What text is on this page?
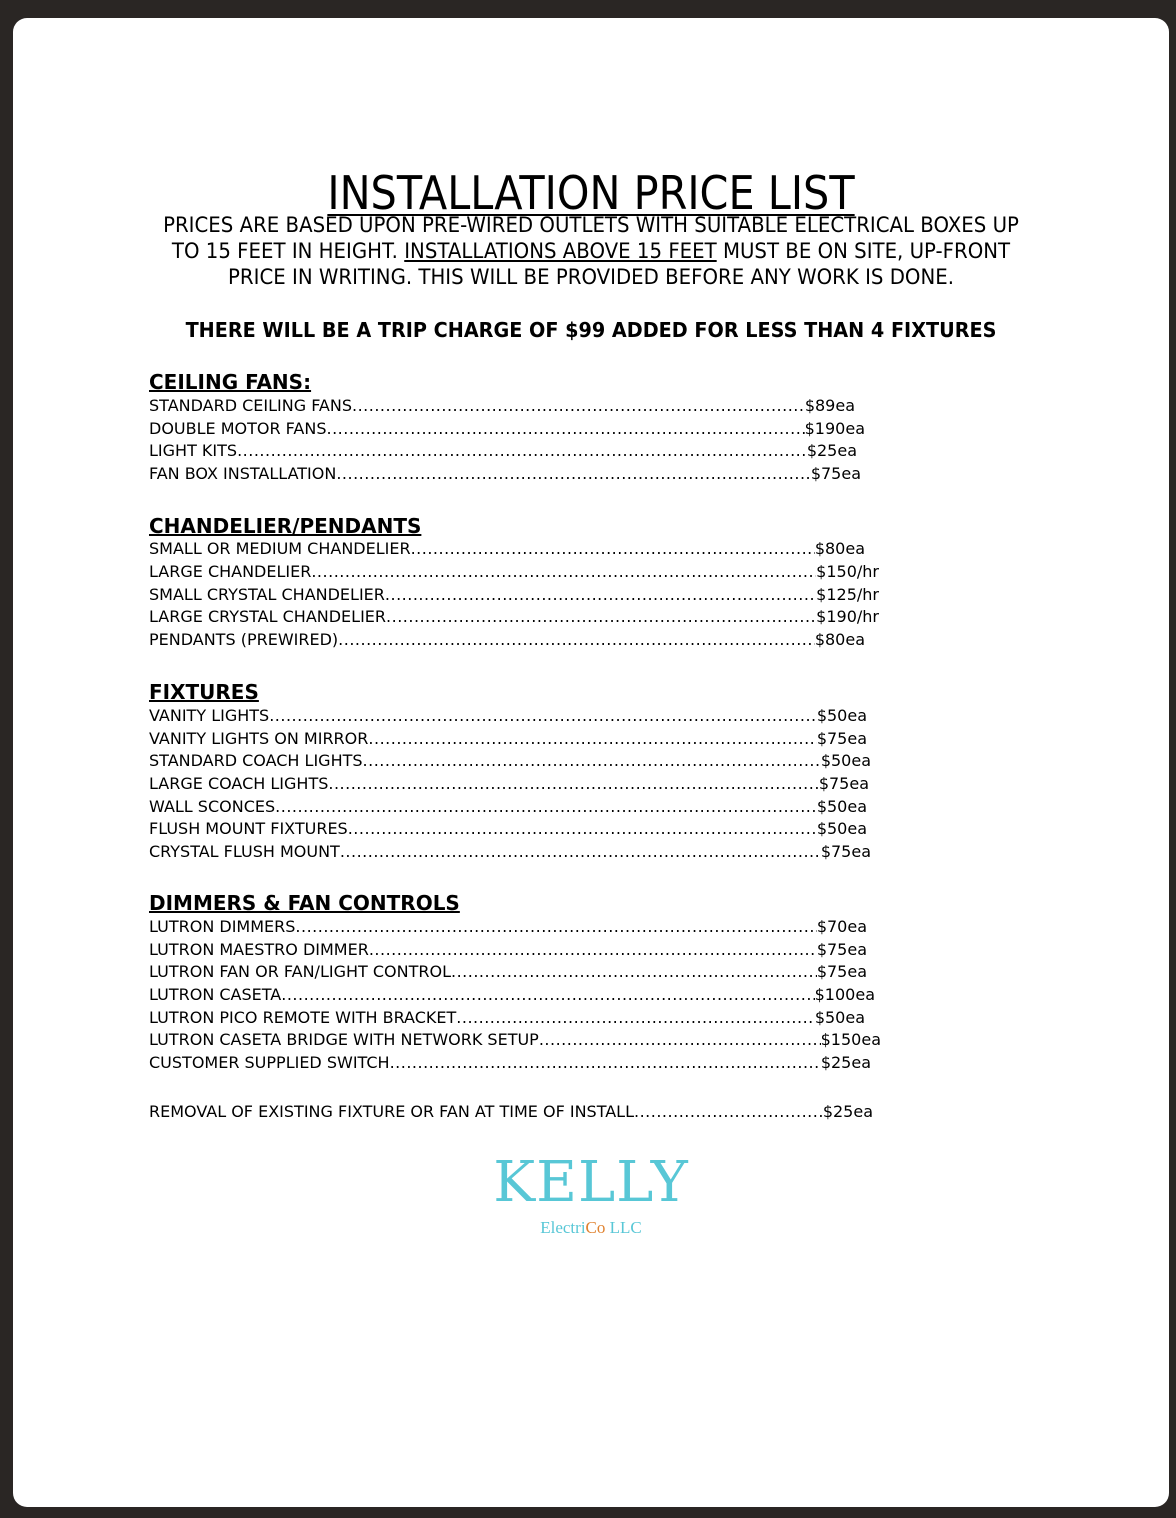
INSTALLATION PRICE LIST
PRICES ARE BASED UPON PRE-WIRED OUTLETS WITH SUITABLE ELECTRICAL BOXES UP TO 15 FEET IN HEIGHT. INSTALLATIONS ABOVE 15 FEET MUST BE ON SITE, UP-FRONT PRICE IN WRITING. THIS WILL BE PROVIDED BEFORE ANY WORK IS DONE.
THERE WILL BE A TRIP CHARGE OF $99 ADDED FOR LESS THAN 4 FIXTURES
CEILING FANS:
STANDARD CEILING FANS .....	$89ea
DOUBLE MOTOR FANS .....	$190ea
LIGHT KITS .....	$25ea
FAN BOX INSTALLATION .....	$75ea
CHANDELIER/PENDANTS
SMALL OR MEDIUM CHANDELIER .....	$80ea
LARGE CHANDELIER .....	$150/hr
SMALL CRYSTAL CHANDELIER .....	$125/hr
LARGE CRYSTAL CHANDELIER .....	$190/hr
PENDANTS (PREWIRED) .....	$80ea
FIXTURES
VANITY LIGHTS .....	$50ea
VANITY LIGHTS ON MIRROR .....	$75ea
STANDARD COACH LIGHTS .....	$50ea
LARGE COACH LIGHTS .....	$75ea
WALL SCONCES .....	$50ea
FLUSH MOUNT FIXTURES .....	$50ea
CRYSTAL FLUSH MOUNT .....	$75ea
DIMMERS & FAN CONTROLS
LUTRON DIMMERS .....	$70ea
LUTRON MAESTRO DIMMER .....	$75ea
LUTRON FAN OR FAN/LIGHT CONTROL .....	$75ea
LUTRON CASETA .....	$100ea
LUTRON PICO REMOTE WITH BRACKET .....	$50ea
LUTRON CASETA BRIDGE WITH NETWORK SETUP .....	$150ea
CUSTOMER SUPPLIED SWITCH .....	$25ea
REMOVAL OF EXISTING FIXTURE OR FAN AT TIME OF INSTALL .....	$25ea
KELLY
ElectriCo LLC
